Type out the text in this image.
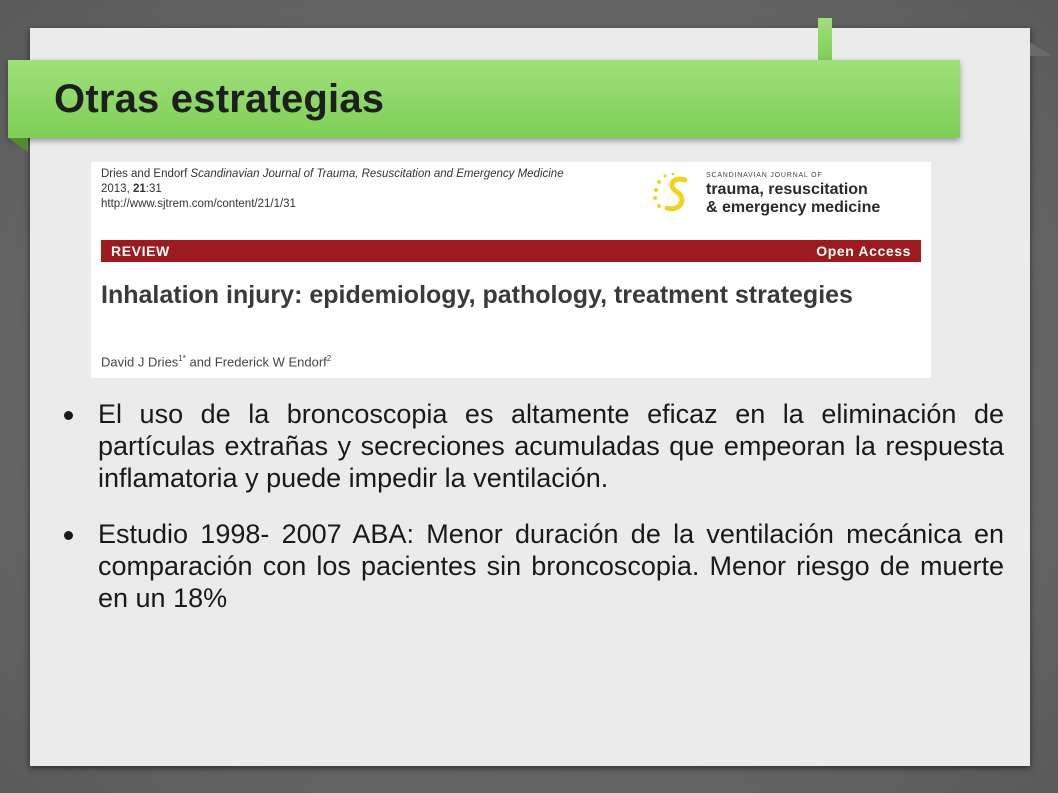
Otras estrategias
Dries and Endorf Scandinavian Journal of Trauma, Resuscitation and Emergency Medicine 2013, 21:31
http://www.sjtrem.com/content/21/1/31
SCANDINAVIAN JOURNAL OF
trauma, resuscitation
& emergency medicine
REVIEW	Open Access
Inhalation injury: epidemiology, pathology, treatment strategies
David J Dries$^{1*}$ and Frederick W Endorf$^2$
El uso de la broncoscopia es altamente eficaz en la eliminación de partículas extrañas y secreciones acumuladas que empeoran la respuesta inflamatoria y puede impedir la ventilación.
Estudio 1998- 2007 ABA: Menor duración de la ventilación mecánica en comparación con los pacientes sin broncoscopia. Menor riesgo de muerte en un 18%
